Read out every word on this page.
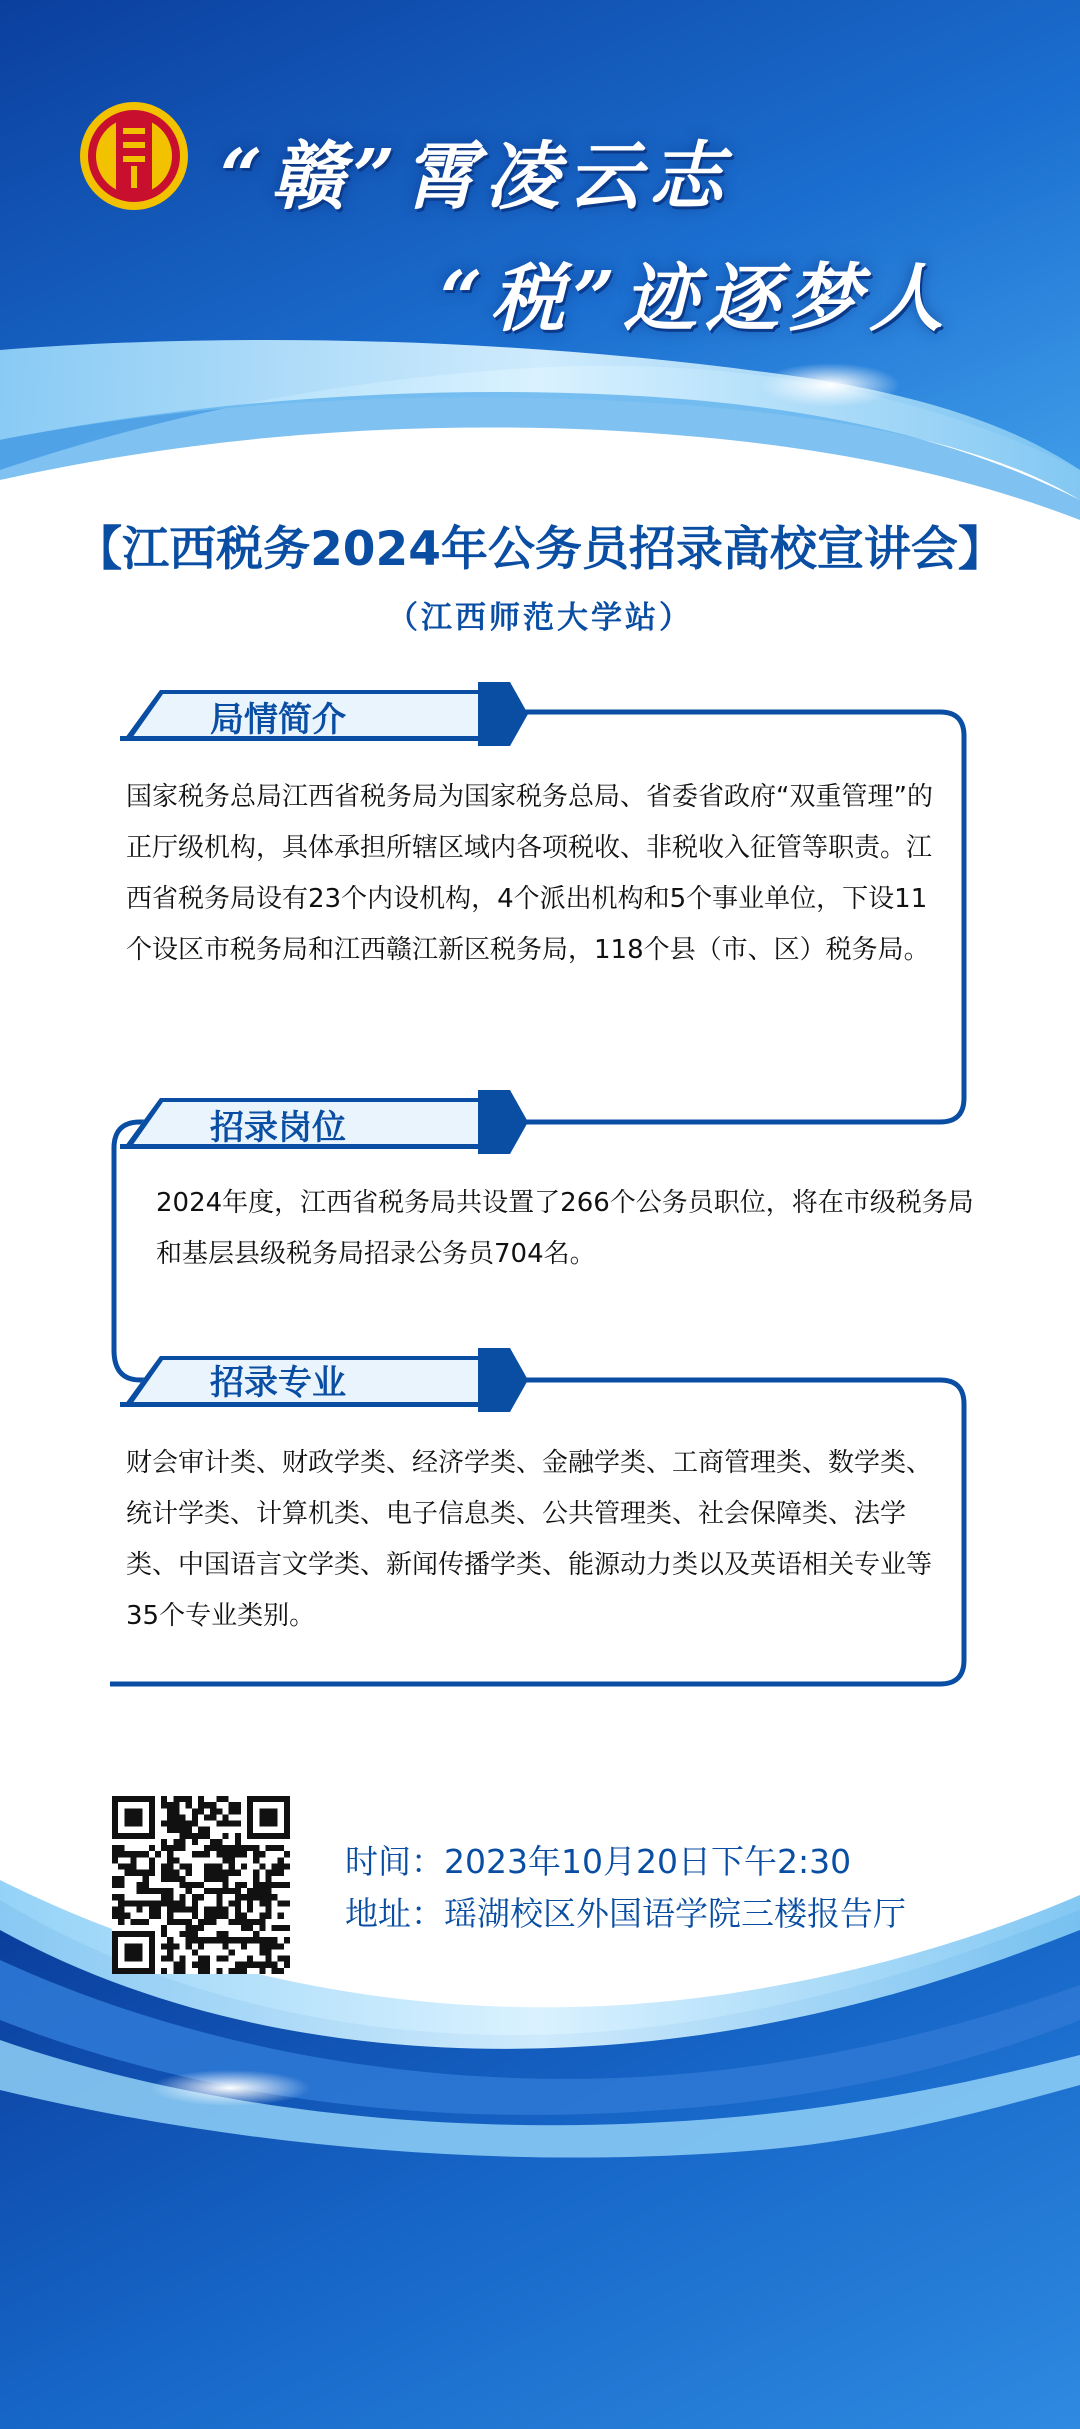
“赣”霄凌云志
“税”迹逐梦人
【江西税务2024年公务员招录高校宣讲会】
（江西师范大学站）
局情简介
国家税务总局江西省税务局为国家税务总局、省委省政府“双重管理”的正厅级机构，具体承担所辖区域内各项税收、非税收入征管等职责。江西省税务局设有23个内设机构，4个派出机构和5个事业单位，下设11个设区市税务局和江西赣江新区税务局，118个县（市、区）税务局。
招录岗位
2024年度，江西省税务局共设置了266个公务员职位，将在市级税务局和基层县级税务局招录公务员704名。
招录专业
财会审计类、财政学类、经济学类、金融学类、工商管理类、数学类、统计学类、计算机类、电子信息类、公共管理类、社会保障类、法学类、中国语言文学类、新闻传播学类、能源动力类以及英语相关专业等35个专业类别。
时间：2023年10月20日下午2:30
地址：瑶湖校区外国语学院三楼报告厅
